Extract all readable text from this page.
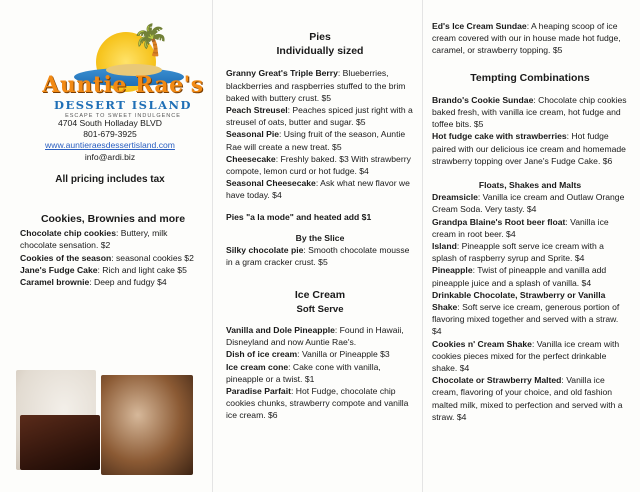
🌴
Auntie Rae's
DESSERT ISLAND
ESCAPE TO SWEET INDULGENCE
4704 South Holladay BLVD
801-679-3925
www.auntieraesdessertisland.com
info@ardi.biz
All pricing includes tax
Cookies, Brownies and more

Chocolate chip cookies: Buttery, milk chocolate sensation. $2

Cookies of the season: seasonal cookies $2

Jane's Fudge Cake: Rich and light cake $5

Caramel brownie: Deep and fudgy $4

Pies
Individually sized

Granny Great's Triple Berry: Blueberries, blackberries and raspberries stuffed to the brim baked with buttery crust. $5

Peach Streusel: Peaches spiced just right with a streusel of oats, butter and sugar. $5

Seasonal Pie: Using fruit of the season, Auntie Rae will create a new treat. $5

Cheesecake: Freshly baked. $3 With strawberry compote, lemon curd or hot fudge. $4

Seasonal Cheesecake: Ask what new flavor we have today. $4

Pies "a la mode" and heated add $1

By the Slice

Silky chocolate pie: Smooth chocolate mousse in a gram cracker crust. $5

Ice Cream
Soft Serve

Vanilla and Dole Pineapple: Found in Hawaii, Disneyland and now Auntie Rae's.

Dish of ice cream: Vanilla or Pineapple $3

Ice cream cone: Cake cone with vanilla, pineapple or a twist. $1

Paradise Parfait: Hot Fudge, chocolate chip cookies chunks, strawberry compote and vanilla ice cream. $6

Ed's Ice Cream Sundae: A heaping scoop of ice cream covered with our in house made hot fudge, caramel, or strawberry topping. $5

Tempting Combinations

Brando's Cookie Sundae: Chocolate chip cookies baked fresh, with vanilla ice cream, hot fudge and toffee bits. $5

Hot fudge cake with strawberries: Hot fudge paired with our delicious ice cream and homemade strawberry topping over Jane's Fudge Cake. $6

Floats, Shakes and Malts

Dreamsicle: Vanilla ice cream and Outlaw Orange Cream Soda. Very tasty. $4

Grandpa Blaine's Root beer float: Vanilla ice cream in root beer. $4

Island: Pineapple soft serve ice cream with a splash of raspberry syrup and Sprite. $4

Pineapple: Twist of pineapple and vanilla add pineapple juice and a splash of vanilla. $4

Drinkable Chocolate, Strawberry or Vanilla Shake: Soft serve ice cream, generous portion of flavoring mixed together and served with a straw. $4

Cookies n' Cream Shake: Vanilla ice cream with cookies pieces mixed for the perfect drinkable shake. $4

Chocolate or Strawberry Malted: Vanilla ice cream, flavoring of your choice, and old fashion malted milk, mixed to perfection and served with a straw. $4
